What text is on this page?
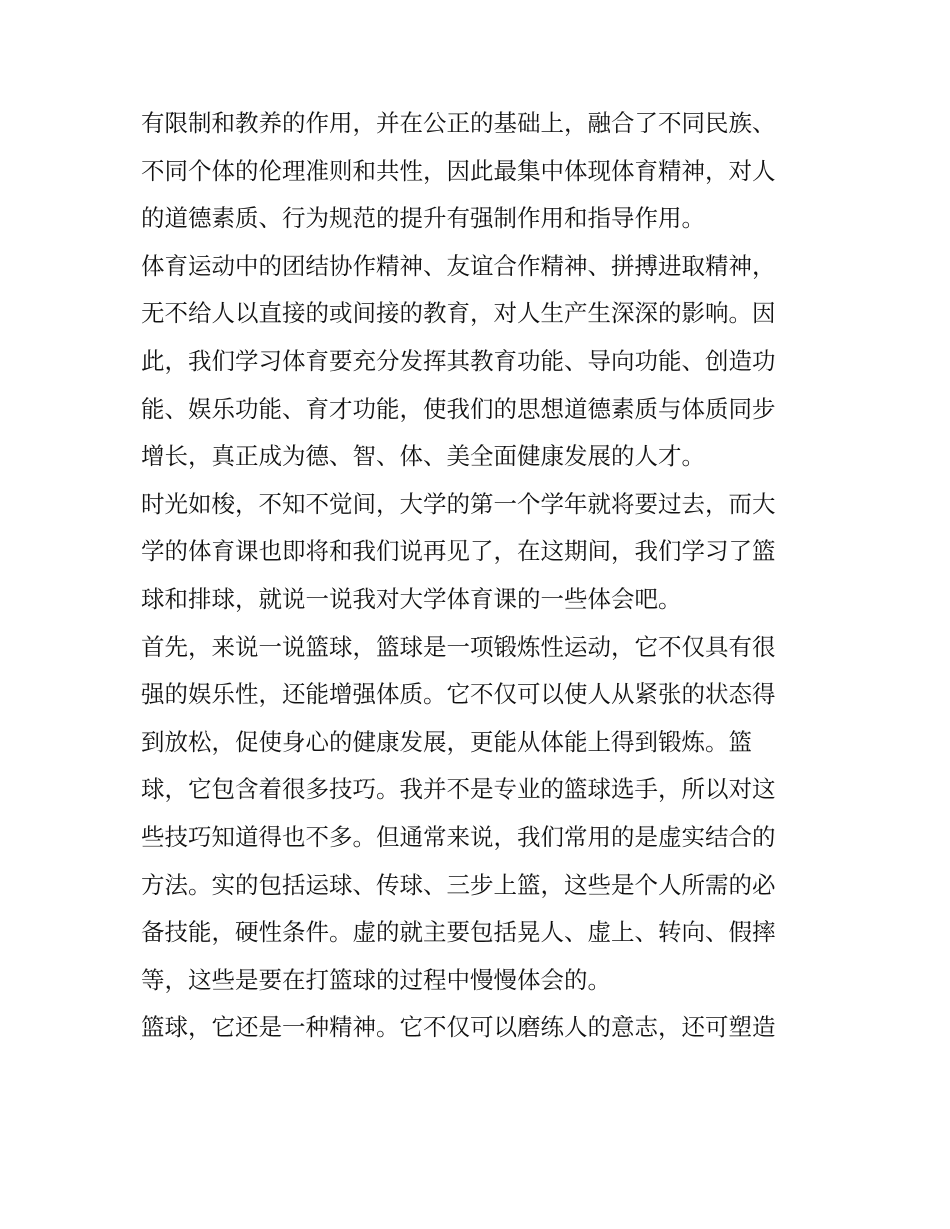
有限制和教养的作用，并在公正的基础上，融合了不同民族、
不同个体的伦理准则和共性，因此最集中体现体育精神，对人
的道德素质、行为规范的提升有强制作用和指导作用。
体育运动中的团结协作精神、友谊合作精神、拼搏进取精神，
无不给人以直接的或间接的教育，对人生产生深深的影响。因
此，我们学习体育要充分发挥其教育功能、导向功能、创造功
能、娱乐功能、育才功能，使我们的思想道德素质与体质同步
增长，真正成为德、智、体、美全面健康发展的人才。
时光如梭，不知不觉间，大学的第一个学年就将要过去，而大
学的体育课也即将和我们说再见了，在这期间，我们学习了篮
球和排球，就说一说我对大学体育课的一些体会吧。
首先，来说一说篮球，篮球是一项锻炼性运动，它不仅具有很
强的娱乐性，还能增强体质。它不仅可以使人从紧张的状态得
到放松，促使身心的健康发展，更能从体能上得到锻炼。篮
球，它包含着很多技巧。我并不是专业的篮球选手，所以对这
些技巧知道得也不多。但通常来说，我们常用的是虚实结合的
方法。实的包括运球、传球、三步上篮，这些是个人所需的必
备技能，硬性条件。虚的就主要包括晃人、虚上、转向、假摔
等，这些是要在打篮球的过程中慢慢体会的。
篮球，它还是一种精神。它不仅可以磨练人的意志，还可塑造
